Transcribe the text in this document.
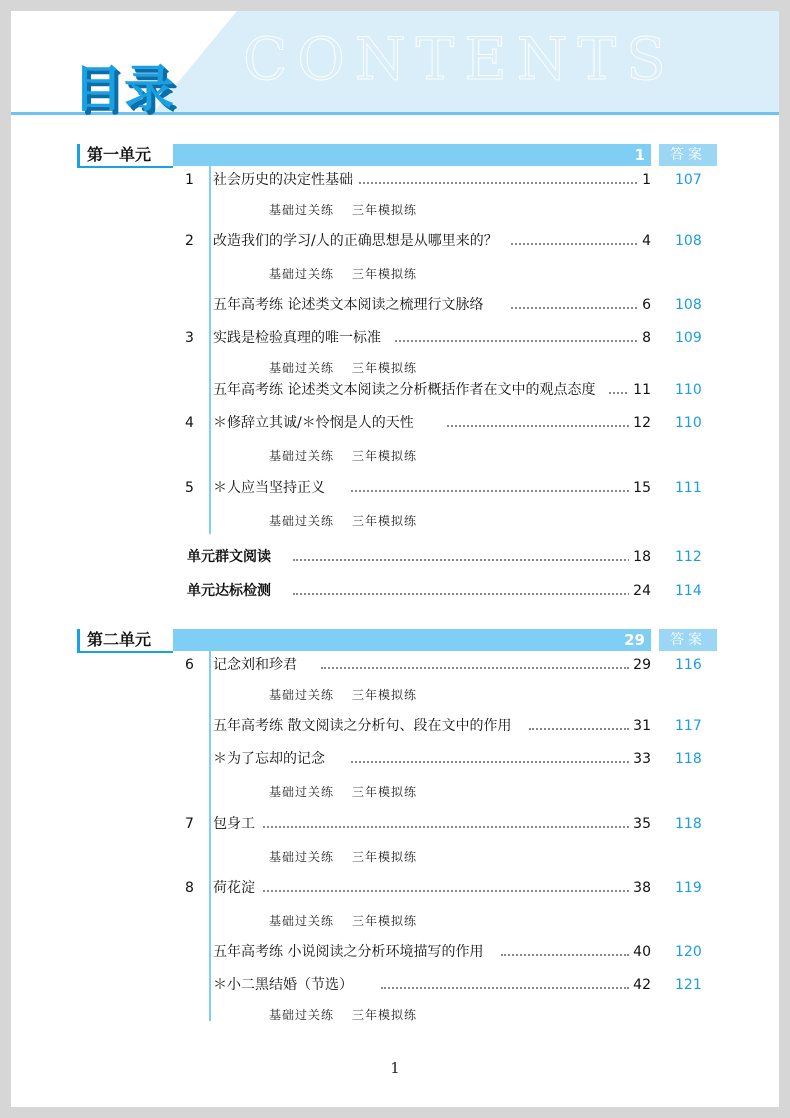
CONTENTS
目录
第一单元	1	答案
1 社会历史的决定性基础	1 107
基础过关练 三年模拟练
2 改造我们的学习/人的正确思想是从哪里来的？	4 108
基础过关练 三年模拟练
五年高考练 论述类文本阅读之梳理行文脉络	6 108
3 实践是检验真理的唯一标准	8 109
基础过关练 三年模拟练
五年高考练 论述类文本阅读之分析概括作者在文中的观点态度	11 110
4 ＊修辞立其诚/＊怜悯是人的天性	12 110
基础过关练 三年模拟练
5 ＊人应当坚持正义	15 111
基础过关练 三年模拟练
单元群文阅读	18 112
单元达标检测	24 114
第二单元	29	答案
6 记念刘和珍君	29 116
基础过关练 三年模拟练
五年高考练 散文阅读之分析句、段在文中的作用	31 117
＊为了忘却的记念	33 118
基础过关练 三年模拟练
7 包身工	35 118
基础过关练 三年模拟练
8 荷花淀	38 119
基础过关练 三年模拟练
五年高考练 小说阅读之分析环境描写的作用	40 120
＊小二黑结婚（节选）	42 121
基础过关练 三年模拟练
1
